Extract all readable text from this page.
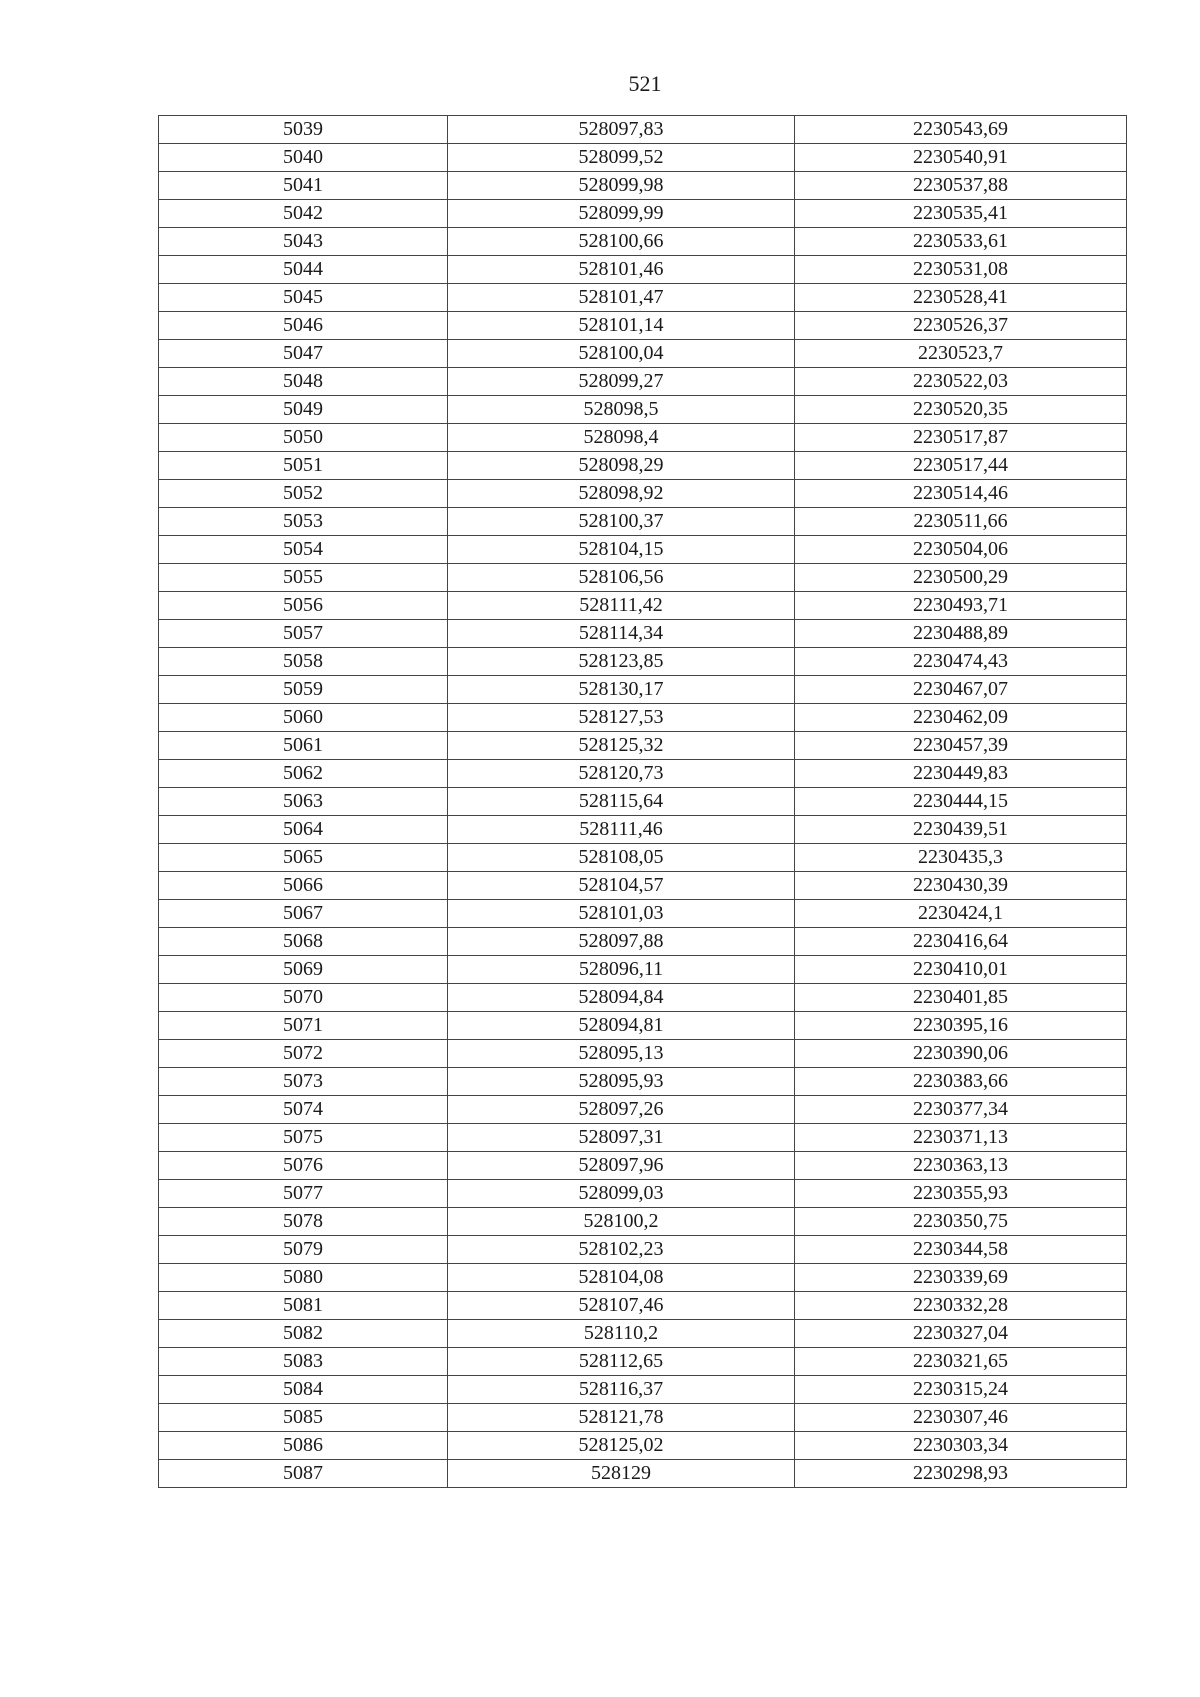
521
5039	528097,83	2230543,69
5040	528099,52	2230540,91
5041	528099,98	2230537,88
5042	528099,99	2230535,41
5043	528100,66	2230533,61
5044	528101,46	2230531,08
5045	528101,47	2230528,41
5046	528101,14	2230526,37
5047	528100,04	2230523,7
5048	528099,27	2230522,03
5049	528098,5	2230520,35
5050	528098,4	2230517,87
5051	528098,29	2230517,44
5052	528098,92	2230514,46
5053	528100,37	2230511,66
5054	528104,15	2230504,06
5055	528106,56	2230500,29
5056	528111,42	2230493,71
5057	528114,34	2230488,89
5058	528123,85	2230474,43
5059	528130,17	2230467,07
5060	528127,53	2230462,09
5061	528125,32	2230457,39
5062	528120,73	2230449,83
5063	528115,64	2230444,15
5064	528111,46	2230439,51
5065	528108,05	2230435,3
5066	528104,57	2230430,39
5067	528101,03	2230424,1
5068	528097,88	2230416,64
5069	528096,11	2230410,01
5070	528094,84	2230401,85
5071	528094,81	2230395,16
5072	528095,13	2230390,06
5073	528095,93	2230383,66
5074	528097,26	2230377,34
5075	528097,31	2230371,13
5076	528097,96	2230363,13
5077	528099,03	2230355,93
5078	528100,2	2230350,75
5079	528102,23	2230344,58
5080	528104,08	2230339,69
5081	528107,46	2230332,28
5082	528110,2	2230327,04
5083	528112,65	2230321,65
5084	528116,37	2230315,24
5085	528121,78	2230307,46
5086	528125,02	2230303,34
5087	528129	2230298,93
